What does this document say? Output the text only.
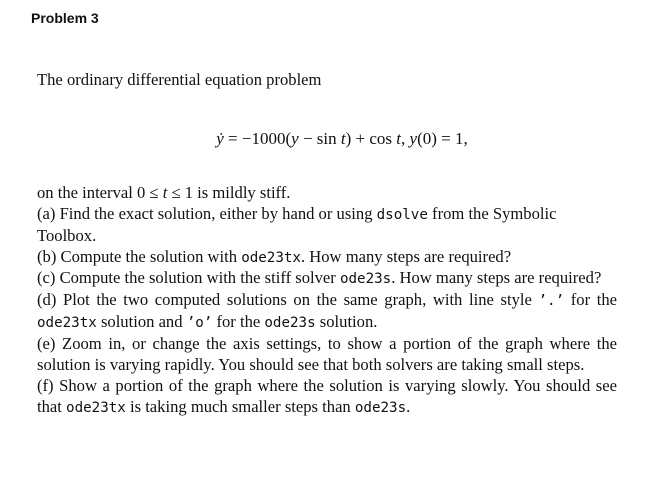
Problem 3

The ordinary differential equation problem

ẏ = −1000(y − sin t) + cos t, y(0) = 1,

on the interval 0 ≤ t ≤ 1 is mildly stiff.

(a) Find the exact solution, either by hand or using dsolve from the Symbolic Toolbox.

(b) Compute the solution with ode23tx. How many steps are required?

(c) Compute the solution with the stiff solver ode23s. How many steps are required?

(d) Plot the two computed solutions on the same graph, with line style ’.’ for the ode23tx solution and ’o’ for the ode23s solution.

(e) Zoom in, or change the axis settings, to show a portion of the graph where the solution is varying rapidly. You should see that both solvers are taking small steps.

(f) Show a portion of the graph where the solution is varying slowly. You should see that ode23tx is taking much smaller steps than ode23s.
